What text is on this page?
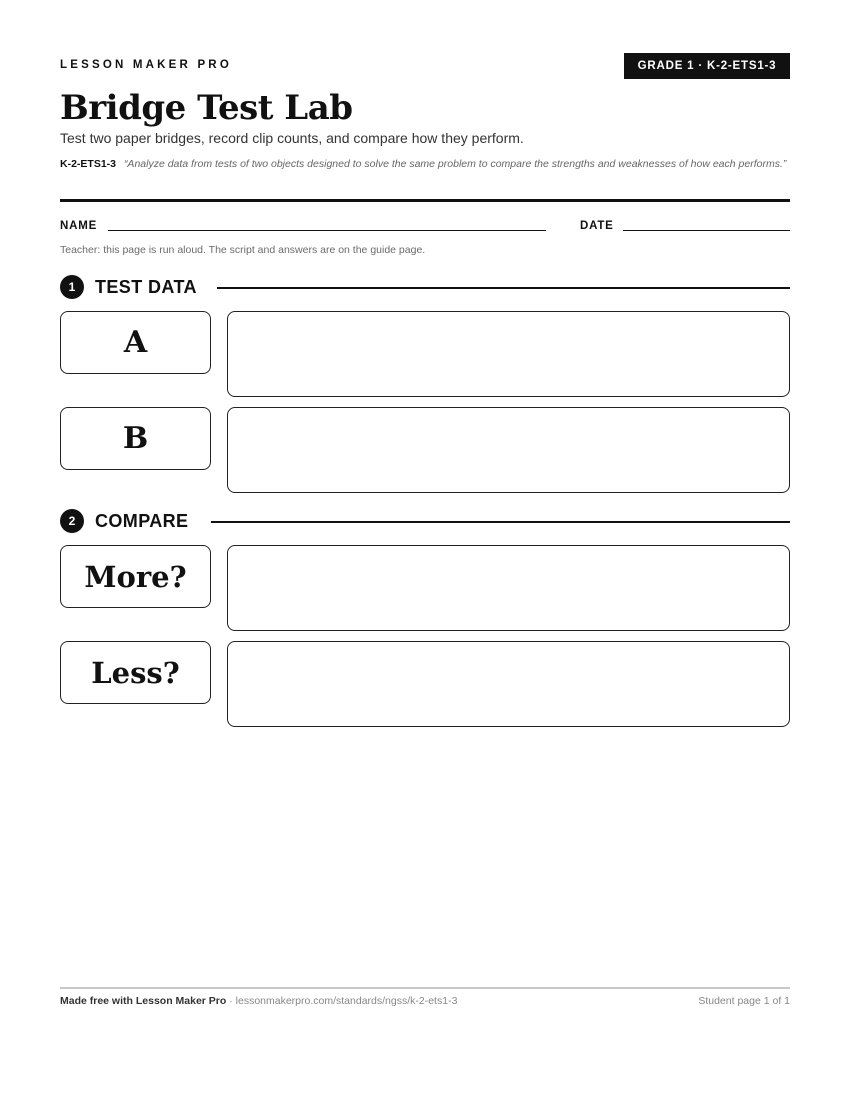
LESSON MAKER PRO	GRADE 1 · K-2-ETS1-3
Bridge Test Lab
Test two paper bridges, record clip counts, and compare how they perform.
K-2-ETS1-3 “Analyze data from tests of two objects designed to solve the same problem to compare the strengths and weaknesses of how each performs.”
NAME	DATE
Teacher: this page is run aloud. The script and answers are on the guide page.
1	TEST DATA
A
B
2	COMPARE
More?
Less?
Made free with Lesson Maker Pro · lessonmakerpro.com/standards/ngss/k-2-ets1-3	Student page 1 of 1
